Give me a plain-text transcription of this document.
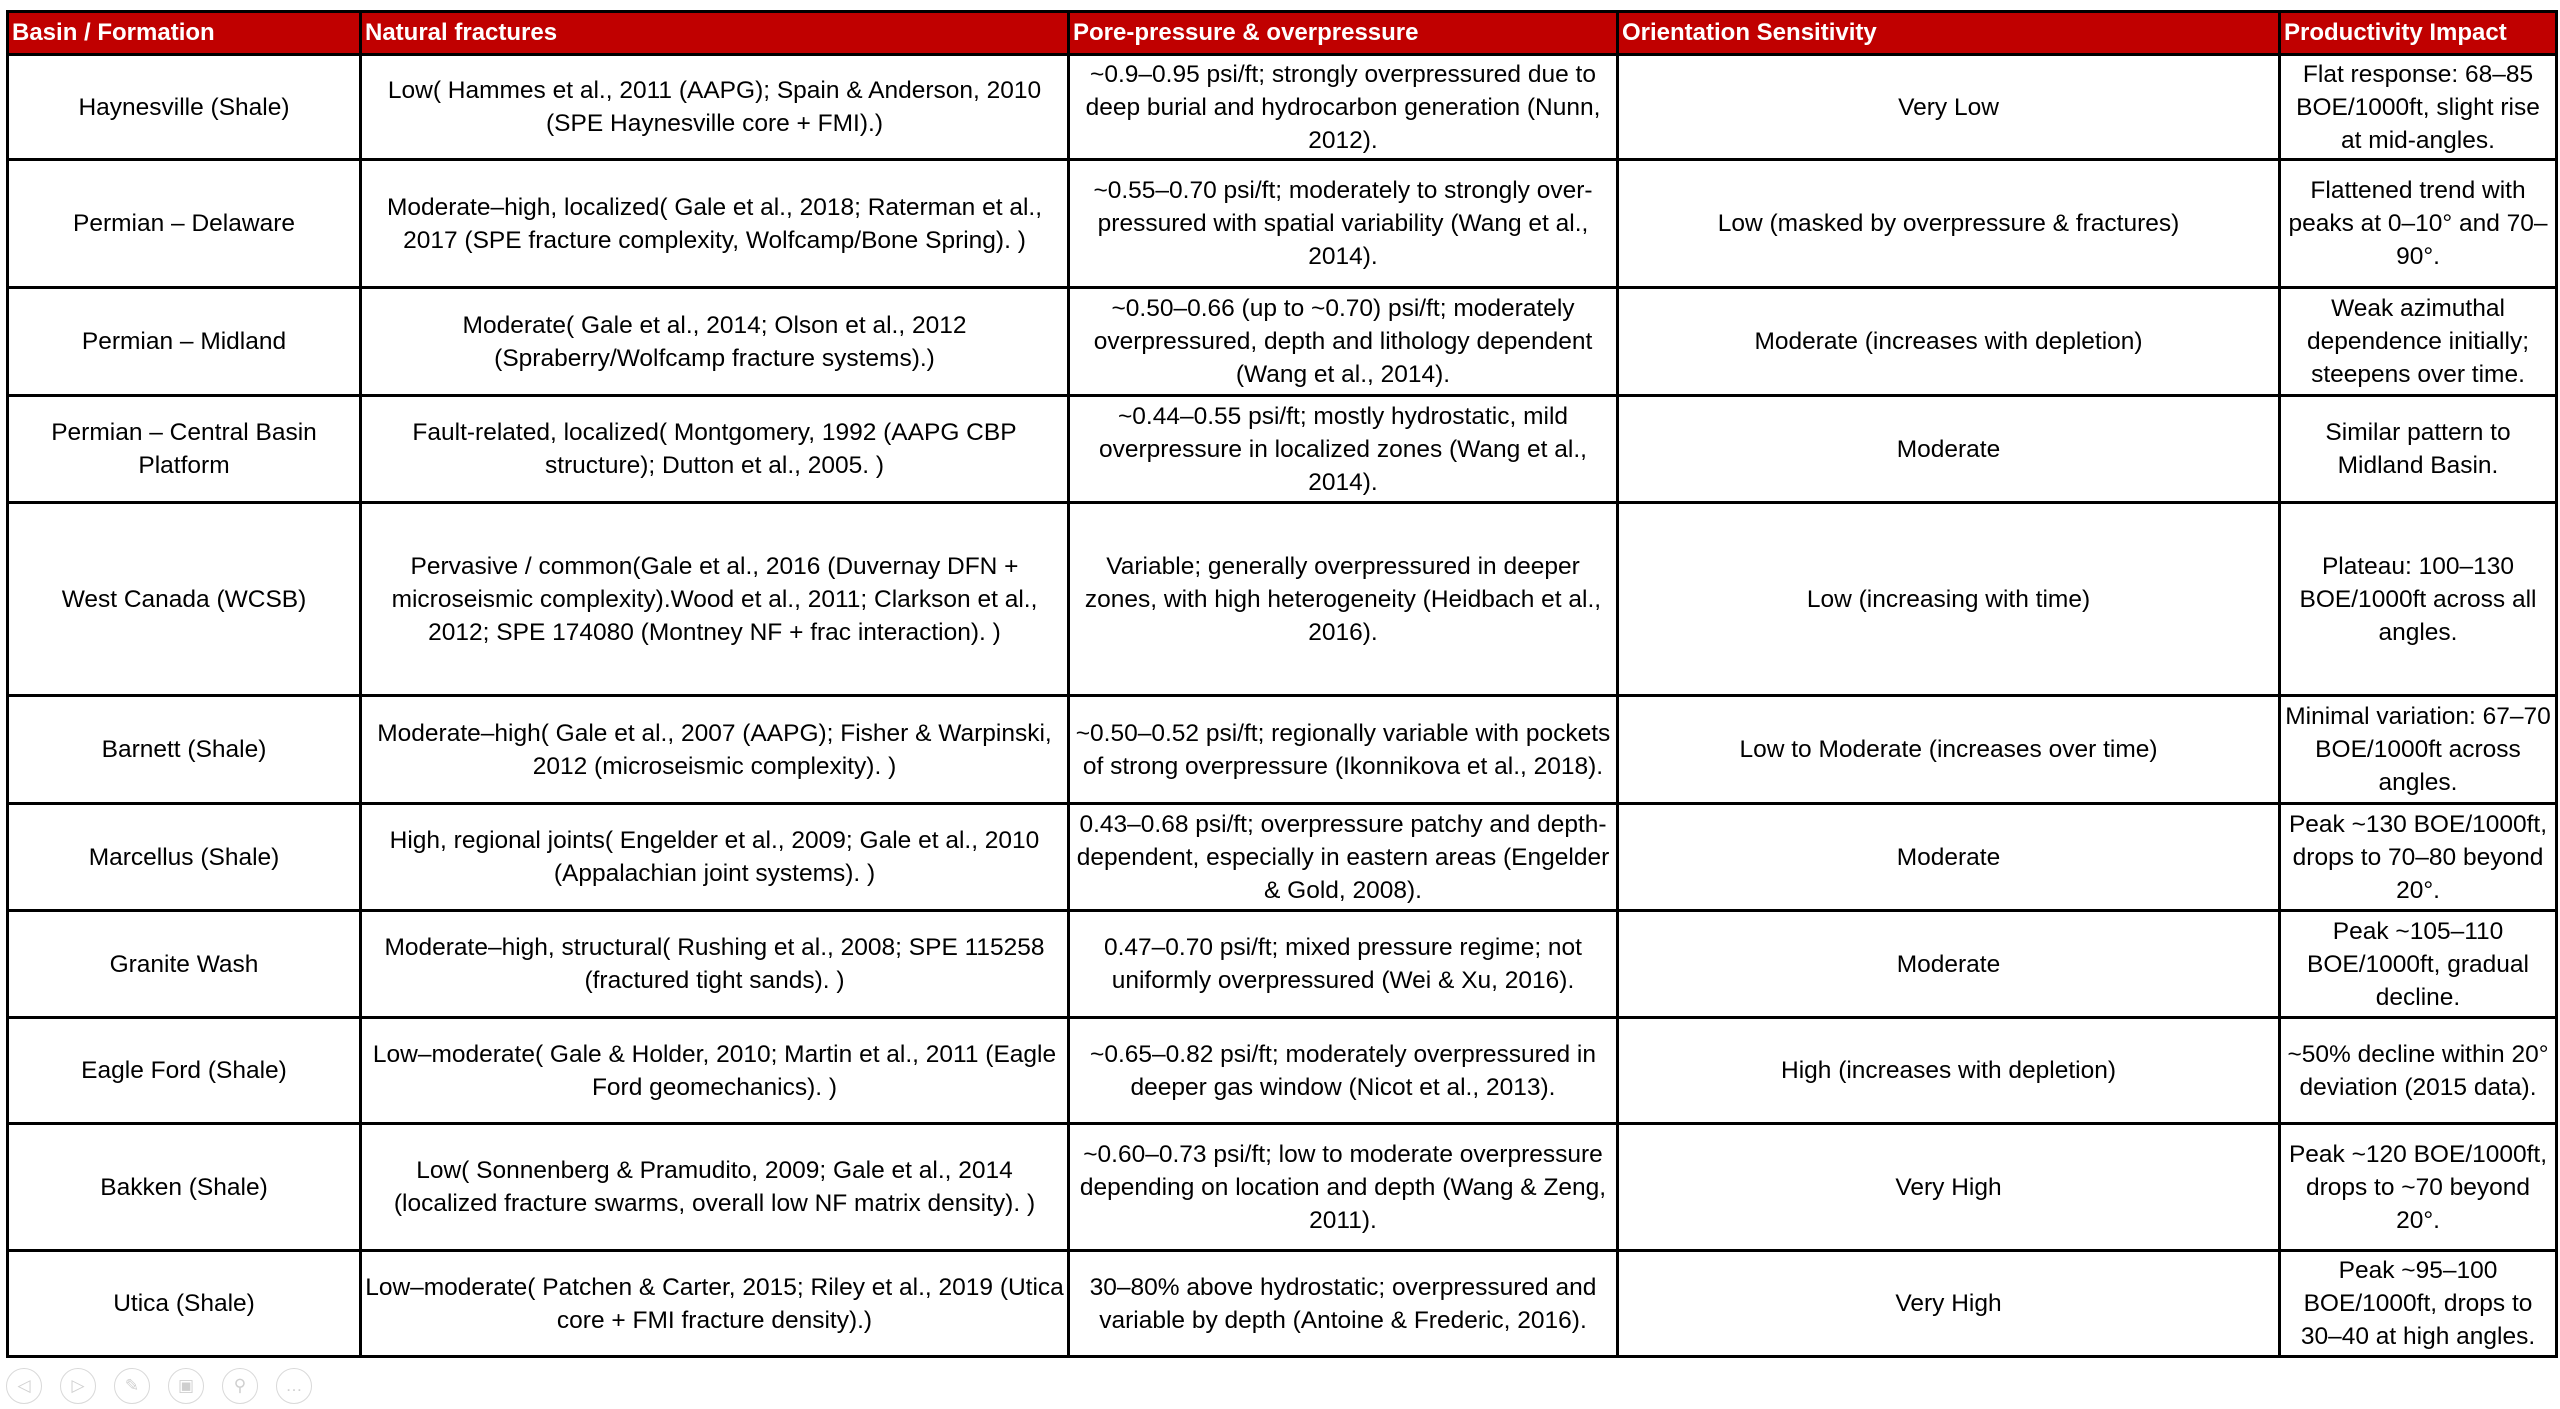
Basin / Formation	Natural fractures	Pore-pressure & overpressure	Orientation Sensitivity	Productivity Impact
Haynesville (Shale)	Low( Hammes et al., 2011 (AAPG); Spain & Anderson, 2010 (SPE Haynesville core + FMI).)	~0.9–0.95 psi/ft; strongly overpressured due to deep burial and hydrocarbon generation (Nunn, 2012).	Very Low	Flat response: 68–85 BOE/1000ft, slight rise at mid-angles.
Permian – Delaware	Moderate–high, localized( Gale et al., 2018; Raterman et al., 2017 (SPE fracture complexity, Wolfcamp/Bone Spring). )	~0.55–0.70 psi/ft; moderately to strongly over-pressured with spatial variability (Wang et al., 2014).	Low (masked by overpressure & fractures)	Flattened trend with peaks at 0–10° and 70–90°.
Permian – Midland	Moderate( Gale et al., 2014; Olson et al., 2012 (Spraberry/Wolfcamp fracture systems).)	~0.50–0.66 (up to ~0.70) psi/ft; moderately overpressured, depth and lithology dependent (Wang et al., 2014).	Moderate (increases with depletion)	Weak azimuthal dependence initially; steepens over time.
Permian – Central Basin Platform	Fault-related, localized( Montgomery, 1992 (AAPG CBP structure); Dutton et al., 2005. )	~0.44–0.55 psi/ft; mostly hydrostatic, mild overpressure in localized zones (Wang et al., 2014).	Moderate	Similar pattern to Midland Basin.
West Canada (WCSB)	Pervasive / common(Gale et al., 2016 (Duvernay DFN + microseismic complexity).Wood et al., 2011; Clarkson et al., 2012; SPE 174080 (Montney NF + frac interaction). )	Variable; generally overpressured in deeper zones, with high heterogeneity (Heidbach et al., 2016).	Low (increasing with time)	Plateau: 100–130 BOE/1000ft across all angles.
Barnett (Shale)	Moderate–high( Gale et al., 2007 (AAPG); Fisher & Warpinski, 2012 (microseismic complexity). )	~0.50–0.52 psi/ft; regionally variable with pockets of strong overpressure (Ikonnikova et al., 2018).	Low to Moderate (increases over time)	Minimal variation: 67–70 BOE/1000ft across angles.
Marcellus (Shale)	High, regional joints( Engelder et al., 2009; Gale et al., 2010 (Appalachian joint systems). )	0.43–0.68 psi/ft; overpressure patchy and depth-dependent, especially in eastern areas (Engelder & Gold, 2008).	Moderate	Peak ~130 BOE/1000ft, drops to 70–80 beyond 20°.
Granite Wash	Moderate–high, structural( Rushing et al., 2008; SPE 115258 (fractured tight sands). )	0.47–0.70 psi/ft; mixed pressure regime; not uniformly overpressured (Wei & Xu, 2016).	Moderate	Peak ~105–110 BOE/1000ft, gradual decline.
Eagle Ford (Shale)	Low–moderate( Gale & Holder, 2010; Martin et al., 2011 (Eagle Ford geomechanics). )	~0.65–0.82 psi/ft; moderately overpressured in deeper gas window (Nicot et al., 2013).	High (increases with depletion)	~50% decline within 20° deviation (2015 data).
Bakken (Shale)	Low( Sonnenberg & Pramudito, 2009; Gale et al., 2014 (localized fracture swarms, overall low NF matrix density). )	~0.60–0.73 psi/ft; low to moderate overpressure depending on location and depth (Wang & Zeng, 2011).	Very High	Peak ~120 BOE/1000ft, drops to ~70 beyond 20°.
Utica (Shale)	Low–moderate( Patchen & Carter, 2015; Riley et al., 2019 (Utica core + FMI fracture density).)	30–80% above hydrostatic; overpressured and variable by depth (Antoine & Frederic, 2016).	Very High	Peak ~95–100 BOE/1000ft, drops to 30–40 at high angles.
◁ ▷ ✎ ▣ ⚲ …
